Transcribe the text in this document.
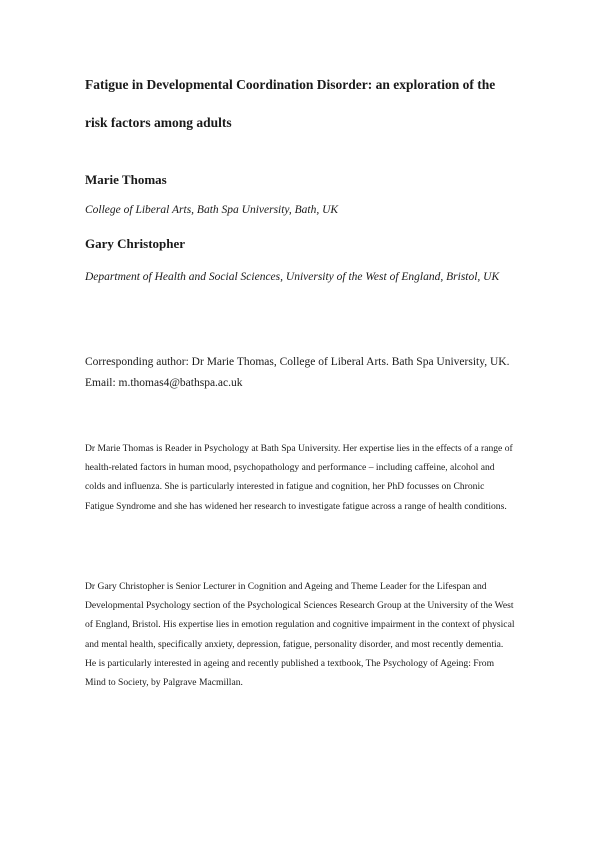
Fatigue in Developmental Coordination Disorder: an exploration of the risk factors among adults
Marie Thomas

College of Liberal Arts, Bath Spa University, Bath, UK

Gary Christopher

Department of Health and Social Sciences, University of the West of England, Bristol, UK

Corresponding author: Dr Marie Thomas, College of Liberal Arts. Bath Spa University, UK. Email: m.thomas4@bathspa.ac.uk

Dr Marie Thomas is Reader in Psychology at Bath Spa University. Her expertise lies in the effects of a range of health-related factors in human mood, psychopathology and performance – including caffeine, alcohol and colds and influenza. She is particularly interested in fatigue and cognition, her PhD focusses on Chronic Fatigue Syndrome and she has widened her research to investigate fatigue across a range of health conditions.

Dr Gary Christopher is Senior Lecturer in Cognition and Ageing and Theme Leader for the Lifespan and Developmental Psychology section of the Psychological Sciences Research Group at the University of the West of England, Bristol. His expertise lies in emotion regulation and cognitive impairment in the context of physical and mental health, specifically anxiety, depression, fatigue, personality disorder, and most recently dementia. He is particularly interested in ageing and recently published a textbook, The Psychology of Ageing: From Mind to Society, by Palgrave Macmillan.
